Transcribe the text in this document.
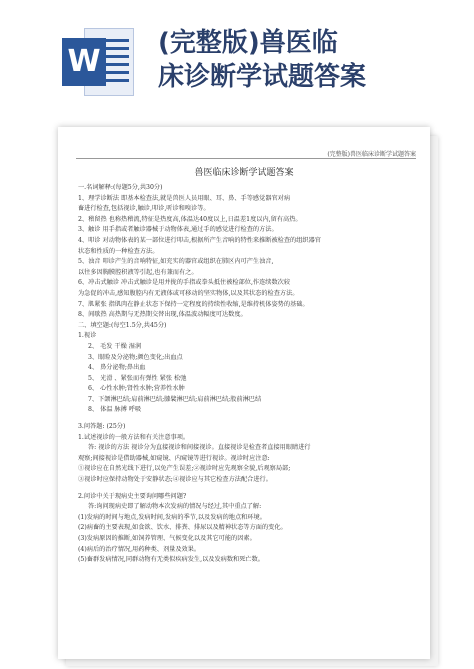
W
(完整版)兽医临
床诊断学试题答案
(完整版)兽医临床诊断学试题答案
兽医临床诊断学试题答案

一.名词解释:(每题5分,共30分)

1、理学诊断法 即基本检查法,就是兽医人员用眼、耳、鼻、手等感觉器官对病

畜进行检查,包括视诊,触诊,叩诊,听诊和嗅诊等。

2、稽留热 也称热稽流,特征是热度高,体温达40度以上,日温差1度以内,留有高热。

3、触诊 用手指或者触诊器械于动物体表,通过手的感觉进行检查的方法。

4、叩诊 对动物体表的某一部位进行叩击,根据所产生音响的特性来推断被检查的组织器官

状态和性质的一种检查方法。

5、浊音 叩诊产生的音响特征,如充实的器官或组织在肺区内可产生浊音,

以往多因胸膜腔积液等引起,也有兼而有之。

6、冲击式触诊 冲击式触诊是用并拢的手指或拳头抵住被检部位,作连续数次较

为急促的冲击,感知腹腔内有无液体或可移动的坚实物体,以及其状态的检查方法。

7、肌紧张 指肌肉在静止状态下保持一定程度的持续性收缩,是维持机体姿势的基础。

8、间歇热 高热期与无热期交替出现,体温波动幅度可达数度。

二、填空题:(每空1.5分,共45分)

1.视诊

2、 毛发 干燥 湿润

3、眼睑及分泌物;颜色变化;出血点

4、 鼻分泌物;鼻出血

5、 光滑 、紧张而有弹性 紧张 松弛

6、 心性水肿;肾性水肿;营养性水肿

7、下颌淋巴结;肩前淋巴结;膝襞淋巴结;肩前淋巴结;股前淋巴结

8、 体温 脉搏 呼吸

3.问答题: (25分)

1.试述视诊的一般方法和有关注意事项。

答: 视诊的方法 视诊分为直接视诊和间接视诊。直接视诊是检查者直接用眼睛进行

观察;间接视诊是借助器械,如窥镜、内窥镜等进行视诊。视诊时应注意:

①视诊应在自然光线下进行,以免产生误差;②视诊时应先观察全貌,后观察局部;

③视诊时应保持动物处于安静状态;④视诊应与其它检查方法配合进行。

2.问诊中关于现病史主要询问哪些问题?

答:询问现病史即了解动物本次发病的情况与经过,其中重点了解:

(1)发病的时间与地点,发病时间,发病的季节,以及发病的地点和环境。

(2)病畜的主要表现,如食欲、饮水、排粪、排尿以及精神状态等方面的变化。

(3)发病原因的推断,如饲养管理、气候变化以及其它可能的因素。

(4)病后的治疗情况,用药种类、剂量及效果。

(5)畜群发病情况,同群动物有无类似疾病发生,以及发病数和死亡数。
